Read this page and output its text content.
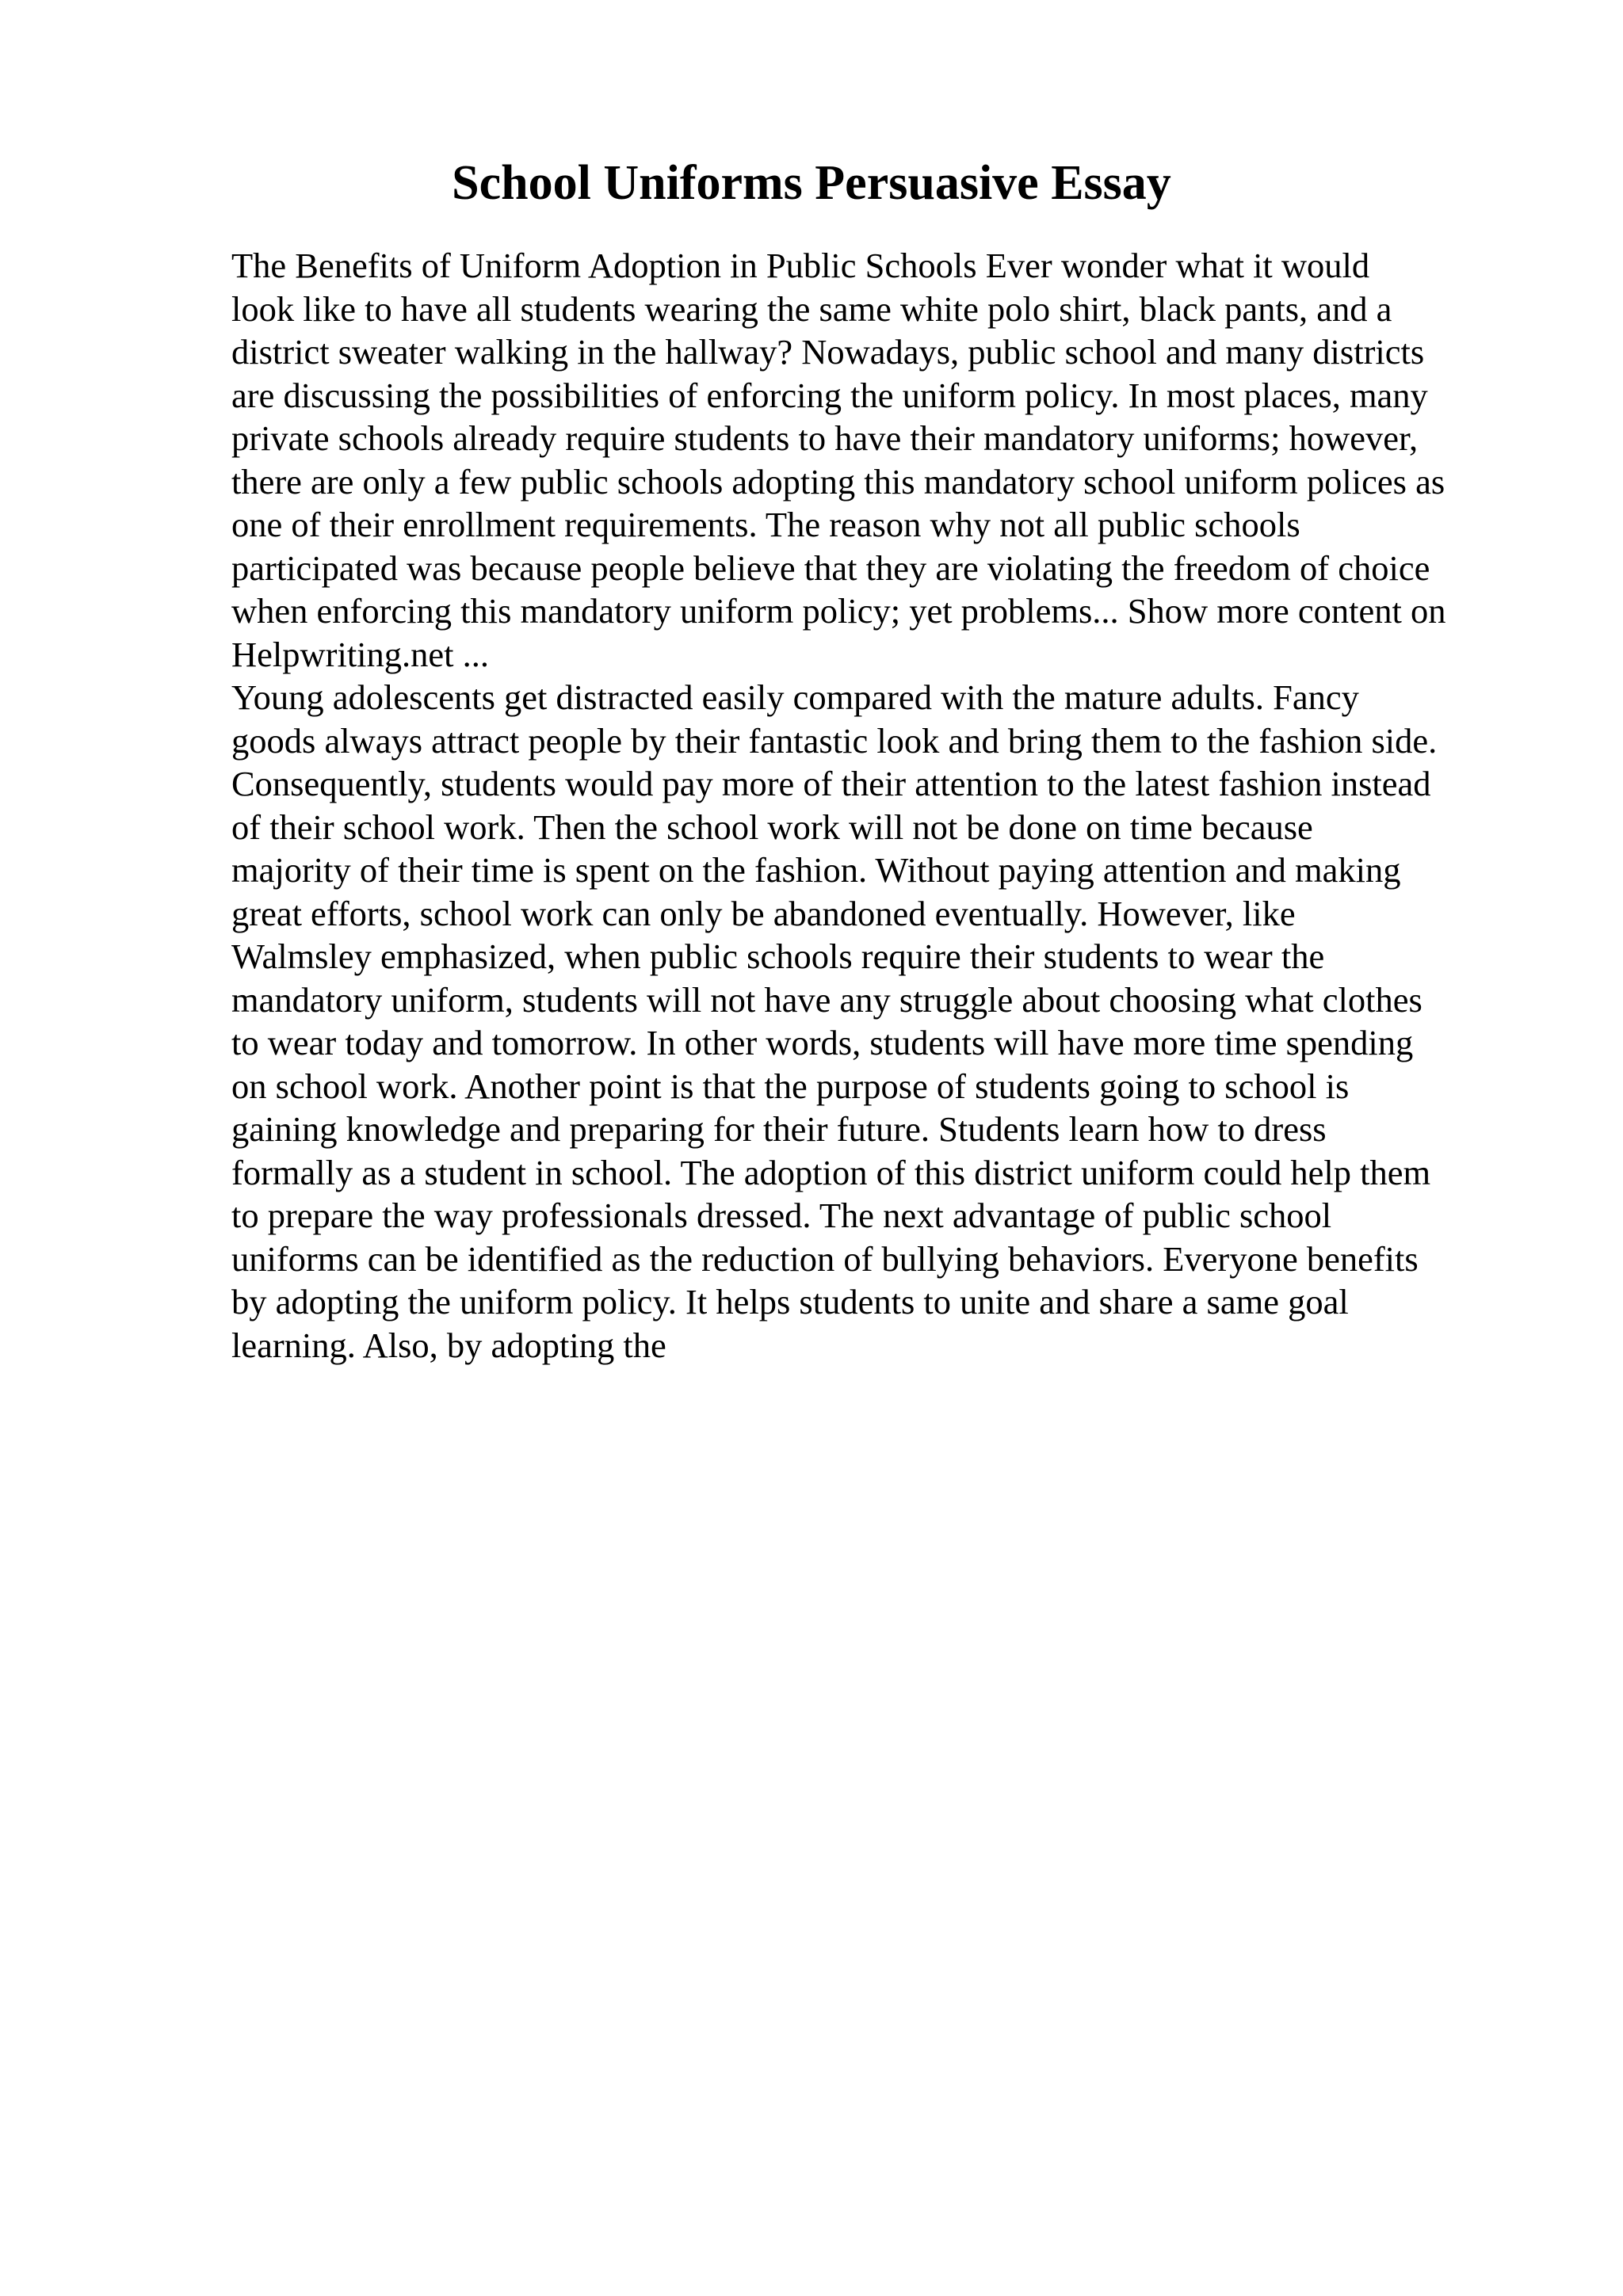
School Uniforms Persuasive Essay

The Benefits of Uniform Adoption in Public Schools Ever wonder what it would
look like to have all students wearing the same white polo shirt, black pants, and a
district sweater walking in the hallway? Nowadays, public school and many districts
are discussing the possibilities of enforcing the uniform policy. In most places, many
private schools already require students to have their mandatory uniforms; however,
there are only a few public schools adopting this mandatory school uniform polices as
one of their enrollment requirements. The reason why not all public schools
participated was because people believe that they are violating the freedom of choice
when enforcing this mandatory uniform policy; yet problems... Show more content on
Helpwriting.net ...

Young adolescents get distracted easily compared with the mature adults. Fancy
goods always attract people by their fantastic look and bring them to the fashion side.
Consequently, students would pay more of their attention to the latest fashion instead
of their school work. Then the school work will not be done on time because
majority of their time is spent on the fashion. Without paying attention and making
great efforts, school work can only be abandoned eventually. However, like
Walmsley emphasized, when public schools require their students to wear the
mandatory uniform, students will not have any struggle about choosing what clothes
to wear today and tomorrow. In other words, students will have more time spending
on school work. Another point is that the purpose of students going to school is
gaining knowledge and preparing for their future. Students learn how to dress
formally as a student in school. The adoption of this district uniform could help them
to prepare the way professionals dressed. The next advantage of public school
uniforms can be identified as the reduction of bullying behaviors. Everyone benefits
by adopting the uniform policy. It helps students to unite and share a same goal
learning. Also, by adopting the
